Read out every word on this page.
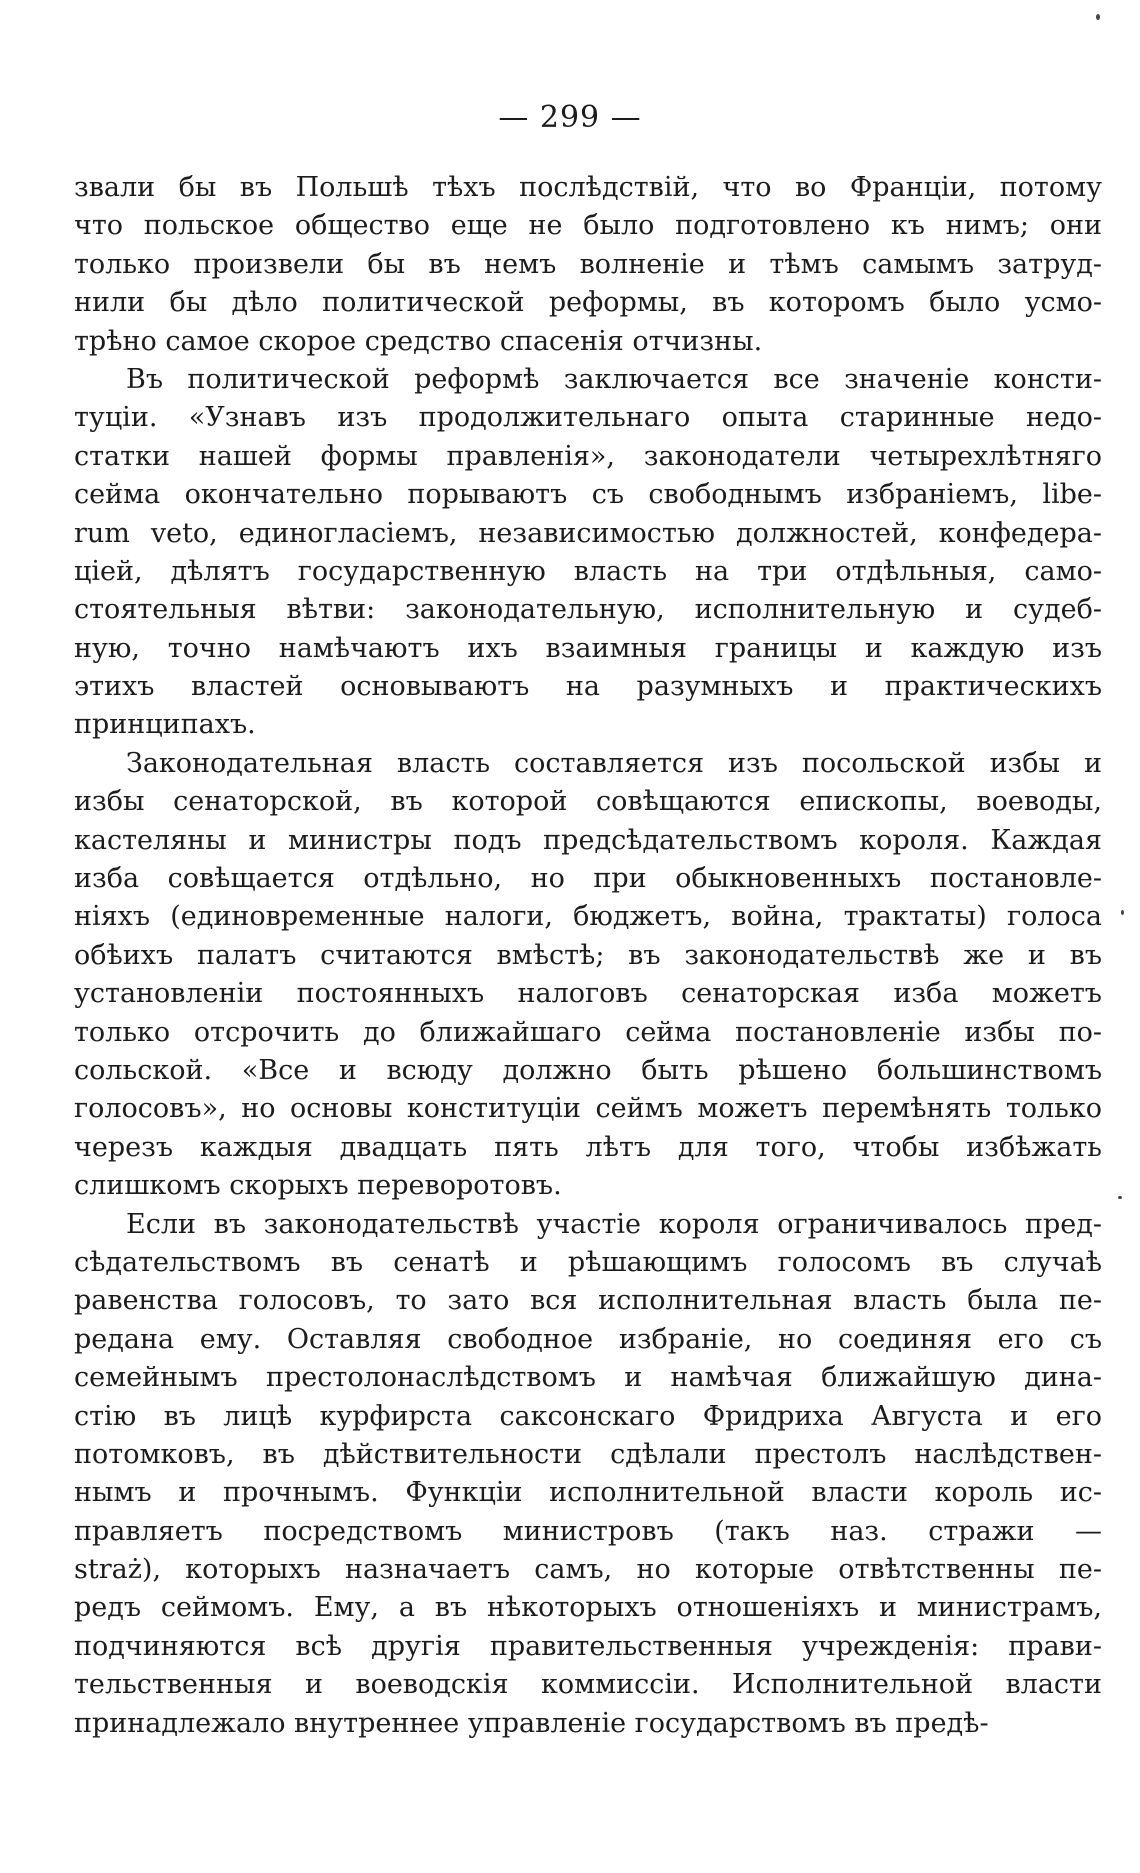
— 299 —
звали бы въ Польшѣ тѣхъ послѣдствій, что во Франціи, потому
что польское общество еще не было подготовлено къ нимъ; они
только произвели бы въ немъ волненіе и тѣмъ самымъ затруд-
нили бы дѣло политической реформы, въ которомъ было усмо-
трѣно самое скорое средство спасенія отчизны.
Въ политической реформѣ заключается все значеніе консти-
туціи. «Узнавъ изъ продолжительнаго опыта старинные недо-
статки нашей формы правленія», законодатели четырехлѣтняго
сейма окончательно порываютъ съ свободнымъ избраніемъ, libe-
rum veto, единогласіемъ, независимостью должностей, конфедера-
ціей, дѣлятъ государственную власть на три отдѣльныя, само-
стоятельныя вѣтви: законодательную, исполнительную и судеб-
ную, точно намѣчаютъ ихъ взаимныя границы и каждую изъ
этихъ властей основываютъ на разумныхъ и практическихъ
принципахъ.
Законодательная власть составляется изъ посольской избы и
избы сенаторской, въ которой совѣщаются епископы, воеводы,
кастеляны и министры подъ предсѣдательствомъ короля. Каждая
изба совѣщается отдѣльно, но при обыкновенныхъ постановле-
ніяхъ (единовременные налоги, бюджетъ, война, трактаты) голоса
обѣихъ палатъ считаются вмѣстѣ; въ законодательствѣ же и въ
установленіи постоянныхъ налоговъ сенаторская изба можетъ
только отсрочить до ближайшаго сейма постановленіе избы по-
сольской. «Все и всюду должно быть рѣшено большинствомъ
голосовъ», но основы конституціи сеймъ можетъ перемѣнять только
черезъ каждыя двадцать пять лѣтъ для того, чтобы избѣжать
слишкомъ скорыхъ переворотовъ.
Если въ законодательствѣ участіе короля ограничивалось пред-
сѣдательствомъ въ сенатѣ и рѣшающимъ голосомъ въ случаѣ
равенства голосовъ, то зато вся исполнительная власть была пе-
редана ему. Оставляя свободное избраніе, но соединяя его съ
семейнымъ престолонаслѣдствомъ и намѣчая ближайшую дина-
стію въ лицѣ курфирста саксонскаго Фридриха Августа и его
потомковъ, въ дѣйствительности сдѣлали престолъ наслѣдствен-
нымъ и прочнымъ. Функціи исполнительной власти король ис-
правляетъ посредствомъ министровъ (такъ наз. стражи —
straż), которыхъ назначаетъ самъ, но которые отвѣтственны пе-
редъ сеймомъ. Ему, а въ нѣкоторыхъ отношеніяхъ и министрамъ,
подчиняются всѣ другія правительственныя учрежденія: прави-
тельственныя и воеводскія коммиссіи. Исполнительной власти
принадлежало внутреннее управленіе государствомъ въ предѣ-
